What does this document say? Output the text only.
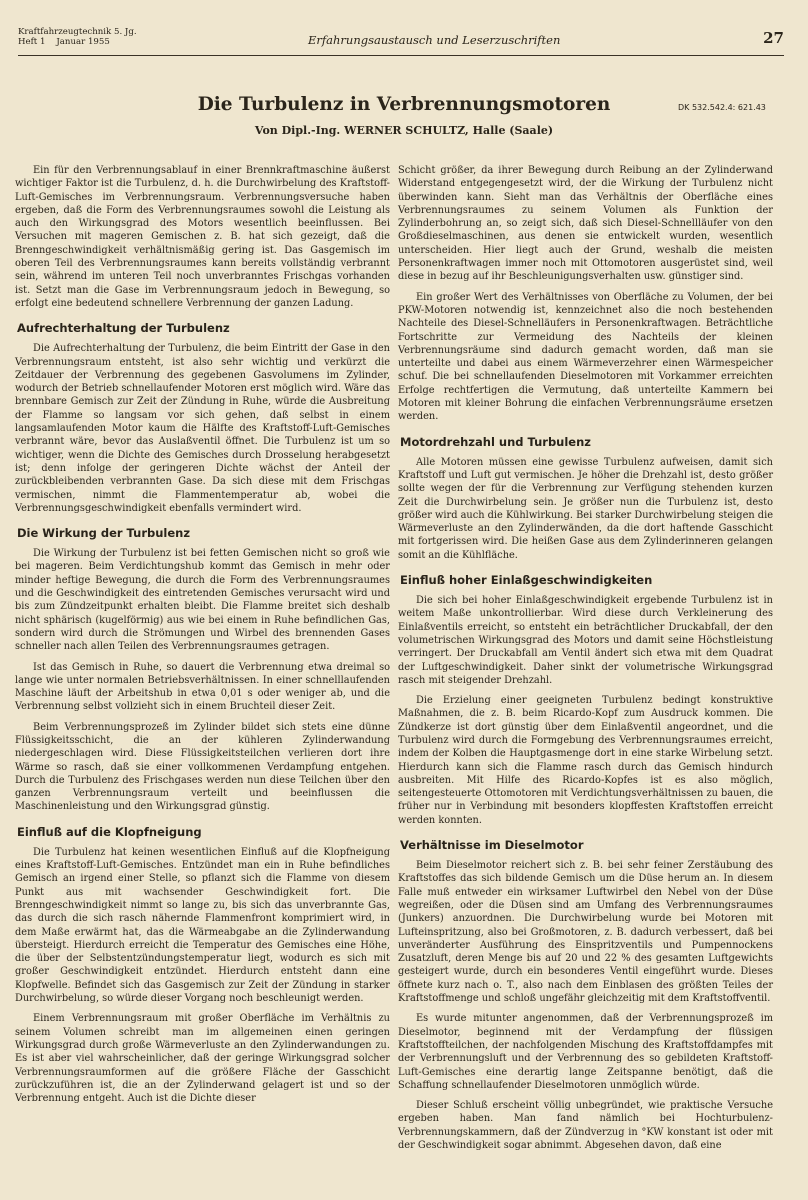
Kraftfahrzeugtechnik 5. Jg.
Heft 1    Januar 1955	Erfahrungsaustausch und Leserzuschriften	27
Die Turbulenz in Verbrennungsmotoren	DK 532.542.4: 621.43
Von Dipl.-Ing. WERNER SCHULTZ, Halle (Saale)

Ein für den Verbrennungsablauf in einer Brennkraftmaschine äußerst wichtiger Faktor ist die Turbulenz, d. h. die Durchwirbelung des Kraftstoff-Luft-Gemisches im Verbrennungsraum. Verbrennungsversuche haben ergeben, daß die Form des Verbrennungsraumes sowohl die Leistung als auch den Wirkungsgrad des Motors wesentlich beeinflussen. Bei Versuchen mit mageren Gemischen z. B. hat sich gezeigt, daß die Brenngeschwindigkeit verhältnismäßig gering ist. Das Gasgemisch im oberen Teil des Verbrennungsraumes kann bereits vollständig verbrannt sein, während im unteren Teil noch unverbranntes Frischgas vorhanden ist. Setzt man die Gase im Verbrennungsraum jedoch in Bewegung, so erfolgt eine bedeutend schnellere Verbrennung der ganzen Ladung.

Aufrechterhaltung der Turbulenz

Die Aufrechterhaltung der Turbulenz, die beim Eintritt der Gase in den Verbrennungsraum entsteht, ist also sehr wichtig und verkürzt die Zeitdauer der Verbrennung des gegebenen Gasvolumens im Zylinder, wodurch der Betrieb schnellaufender Motoren erst möglich wird. Wäre das brennbare Gemisch zur Zeit der Zündung in Ruhe, würde die Ausbreitung der Flamme so langsam vor sich gehen, daß selbst in einem langsamlaufenden Motor kaum die Hälfte des Kraftstoff-Luft-Gemisches verbrannt wäre, bevor das Auslaßventil öffnet. Die Turbulenz ist um so wichtiger, wenn die Dichte des Gemisches durch Drosselung herabgesetzt ist; denn infolge der geringeren Dichte wächst der Anteil der zurückbleibenden verbrannten Gase. Da sich diese mit dem Frischgas vermischen, nimmt die Flammentemperatur ab, wobei die Verbrennungsgeschwindigkeit ebenfalls vermindert wird.

Die Wirkung der Turbulenz

Die Wirkung der Turbulenz ist bei fetten Gemischen nicht so groß wie bei mageren. Beim Verdichtungshub kommt das Gemisch in mehr oder minder heftige Bewegung, die durch die Form des Verbrennungsraumes und die Geschwindigkeit des eintretenden Gemisches verursacht wird und bis zum Zündzeitpunkt erhalten bleibt. Die Flamme breitet sich deshalb nicht sphärisch (kugelförmig) aus wie bei einem in Ruhe befindlichen Gas, sondern wird durch die Strömungen und Wirbel des brennenden Gases schneller nach allen Teilen des Verbrennungsraumes getragen.

Ist das Gemisch in Ruhe, so dauert die Verbrennung etwa dreimal so lange wie unter normalen Betriebsverhältnissen. In einer schnelllaufenden Maschine läuft der Arbeitshub in etwa 0,01 s oder weniger ab, und die Verbrennung selbst vollzieht sich in einem Bruchteil dieser Zeit.

Beim Verbrennungsprozeß im Zylinder bildet sich stets eine dünne Flüssigkeitsschicht, die an der kühleren Zylinderwandung niedergeschlagen wird. Diese Flüssigkeitsteilchen verlieren dort ihre Wärme so rasch, daß sie einer vollkommenen Verdampfung entgehen. Durch die Turbulenz des Frischgases werden nun diese Teilchen über den ganzen Verbrennungsraum verteilt und beeinflussen die Maschinenleistung und den Wirkungsgrad günstig.

Einfluß auf die Klopfneigung

Die Turbulenz hat keinen wesentlichen Einfluß auf die Klopfneigung eines Kraftstoff-Luft-Gemisches. Entzündet man ein in Ruhe befindliches Gemisch an irgend einer Stelle, so pflanzt sich die Flamme von diesem Punkt aus mit wachsender Geschwindigkeit fort. Die Brenngeschwindigkeit nimmt so lange zu, bis sich das unverbrannte Gas, das durch die sich rasch nähernde Flammenfront komprimiert wird, in dem Maße erwärmt hat, das die Wärmeabgabe an die Zylinderwandung übersteigt. Hierdurch erreicht die Temperatur des Gemisches eine Höhe, die über der Selbstentzündungstemperatur liegt, wodurch es sich mit großer Geschwindigkeit entzündet. Hierdurch entsteht dann eine Klopfwelle. Befindet sich das Gasgemisch zur Zeit der Zündung in starker Durchwirbelung, so würde dieser Vorgang noch beschleunigt werden.

Einem Verbrennungsraum mit großer Oberfläche im Verhältnis zu seinem Volumen schreibt man im allgemeinen einen geringen Wirkungsgrad durch große Wärmeverluste an den Zylinderwandungen zu. Es ist aber viel wahrscheinlicher, daß der geringe Wirkungsgrad solcher Verbrennungsraumformen auf die größere Fläche der Gasschicht zurückzuführen ist, die an der Zylinderwand gelagert ist und so der Verbrennung entgeht. Auch ist die Dichte dieser

Schicht größer, da ihrer Bewegung durch Reibung an der Zylinderwand Widerstand entgegengesetzt wird, der die Wirkung der Turbulenz nicht überwinden kann. Sieht man das Verhältnis der Oberfläche eines Verbrennungsraumes zu seinem Volumen als Funktion der Zylinderbohrung an, so zeigt sich, daß sich Diesel-Schnellläufer von den Großdieselmaschinen, aus denen sie entwickelt wurden, wesentlich unterscheiden. Hier liegt auch der Grund, weshalb die meisten Personenkraftwagen immer noch mit Ottomotoren ausgerüstet sind, weil diese in bezug auf ihr Beschleunigungsverhalten usw. günstiger sind.

Ein großer Wert des Verhältnisses von Oberfläche zu Volumen, der bei PKW-Motoren notwendig ist, kennzeichnet also die noch bestehenden Nachteile des Diesel-Schnelläufers in Personenkraftwagen. Beträchtliche Fortschritte zur Vermeidung des Nachteils der kleinen Verbrennungsräume sind dadurch gemacht worden, daß man sie unterteilte und dabei aus einem Wärmeverzehrer einen Wärmespeicher schuf. Die bei schnellaufenden Dieselmotoren mit Vorkammer erreichten Erfolge rechtfertigen die Vermutung, daß unterteilte Kammern bei Motoren mit kleiner Bohrung die einfachen Verbrennungsräume ersetzen werden.

Motordrehzahl und Turbulenz

Alle Motoren müssen eine gewisse Turbulenz aufweisen, damit sich Kraftstoff und Luft gut vermischen. Je höher die Drehzahl ist, desto größer sollte wegen der für die Verbrennung zur Verfügung stehenden kurzen Zeit die Durchwirbelung sein. Je größer nun die Turbulenz ist, desto größer wird auch die Kühlwirkung. Bei starker Durchwirbelung steigen die Wärmeverluste an den Zylinderwänden, da die dort haftende Gasschicht mit fortgerissen wird. Die heißen Gase aus dem Zylinderinneren gelangen somit an die Kühlfläche.

Einfluß hoher Einlaßgeschwindigkeiten

Die sich bei hoher Einlaßgeschwindigkeit ergebende Turbulenz ist in weitem Maße unkontrollierbar. Wird diese durch Verkleinerung des Einlaßventils erreicht, so entsteht ein beträchtlicher Druckabfall, der den volumetrischen Wirkungsgrad des Motors und damit seine Höchstleistung verringert. Der Druckabfall am Ventil ändert sich etwa mit dem Quadrat der Luftgeschwindigkeit. Daher sinkt der volumetrische Wirkungsgrad rasch mit steigender Drehzahl.

Die Erzielung einer geeigneten Turbulenz bedingt konstruktive Maßnahmen, die z. B. beim Ricardo-Kopf zum Ausdruck kommen. Die Zündkerze ist dort günstig über dem Einlaßventil angeordnet, und die Turbulenz wird durch die Formgebung des Verbrennungsraumes erreicht, indem der Kolben die Hauptgasmenge dort in eine starke Wirbelung setzt. Hierdurch kann sich die Flamme rasch durch das Gemisch hindurch ausbreiten. Mit Hilfe des Ricardo-Kopfes ist es also möglich, seitengesteuerte Ottomotoren mit Verdichtungsverhältnissen zu bauen, die früher nur in Verbindung mit besonders klopffesten Kraftstoffen erreicht werden konnten.

Verhältnisse im Dieselmotor

Beim Dieselmotor reichert sich z. B. bei sehr feiner Zerstäubung des Kraftstoffes das sich bildende Gemisch um die Düse herum an. In diesem Falle muß entweder ein wirksamer Luftwirbel den Nebel von der Düse wegreißen, oder die Düsen sind am Umfang des Verbrennungsraumes (Junkers) anzuordnen. Die Durchwirbelung wurde bei Motoren mit Lufteinspritzung, also bei Großmotoren, z. B. dadurch verbessert, daß bei unveränderter Ausführung des Einspritzventils und Pumpennockens Zusatzluft, deren Menge bis auf 20 und 22 % des gesamten Luftgewichts gesteigert wurde, durch ein besonderes Ventil eingeführt wurde. Dieses öffnete kurz nach o. T., also nach dem Einblasen des größten Teiles der Kraftstoffmenge und schloß ungefähr gleichzeitig mit dem Kraftstoffventil.

Es wurde mitunter angenommen, daß der Verbrennungsprozeß im Dieselmotor, beginnend mit der Verdampfung der flüssigen Kraftstoffteilchen, der nachfolgenden Mischung des Kraftstoffdampfes mit der Verbrennungsluft und der Verbrennung des so gebildeten Kraftstoff-Luft-Gemisches eine derartig lange Zeitspanne benötigt, daß die Schaffung schnellaufender Dieselmotoren unmöglich würde.

Dieser Schluß erscheint völlig unbegründet, wie praktische Versuche ergeben haben. Man fand nämlich bei Hochturbulenz-Verbrennungskammern, daß der Zündverzug in °KW konstant ist oder mit der Geschwindigkeit sogar abnimmt. Abgesehen davon, daß eine
